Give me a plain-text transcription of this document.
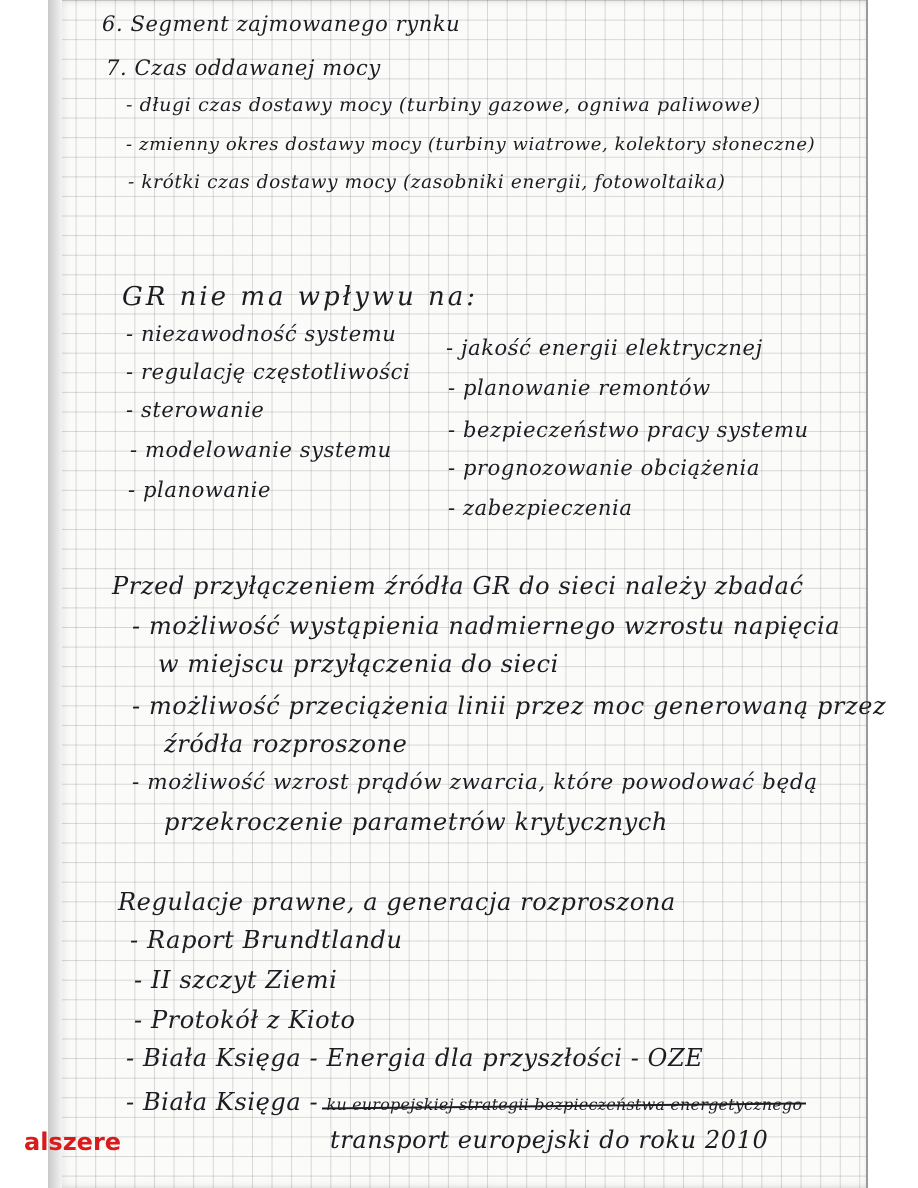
6. Segment zajmowanego rynku
7. Czas oddawanej mocy
- długi czas dostawy mocy (turbiny gazowe, ogniwa paliwowe)
- zmienny okres dostawy mocy (turbiny wiatrowe, kolektory słoneczne)
- krótki czas dostawy mocy (zasobniki energii, fotowoltaika)
GR nie ma wpływu na:
- niezawodność systemu
- regulację częstotliwości
- sterowanie
- modelowanie systemu
- planowanie
- jakość energii elektrycznej
- planowanie remontów
- bezpieczeństwo pracy systemu
- prognozowanie obciążenia
- zabezpieczenia
Przed przyłączeniem źródła GR do sieci należy zbadać
- możliwość wystąpienia nadmiernego wzrostu napięcia
w miejscu przyłączenia do sieci
- możliwość przeciążenia linii przez moc generowaną przez
źródła rozproszone
- możliwość wzrost prądów zwarcia, które powodować będą
przekroczenie parametrów krytycznych
Regulacje prawne, a generacja rozproszona
- Raport Brundtlandu
- II szczyt Ziemi
- Protokół z Kioto
- Biała Księga - Energia dla przyszłości - OZE
- Biała Księga - ku europejskiej strategii bezpieczeństwa energetycznego
transport europejski do roku 2010
alszere
